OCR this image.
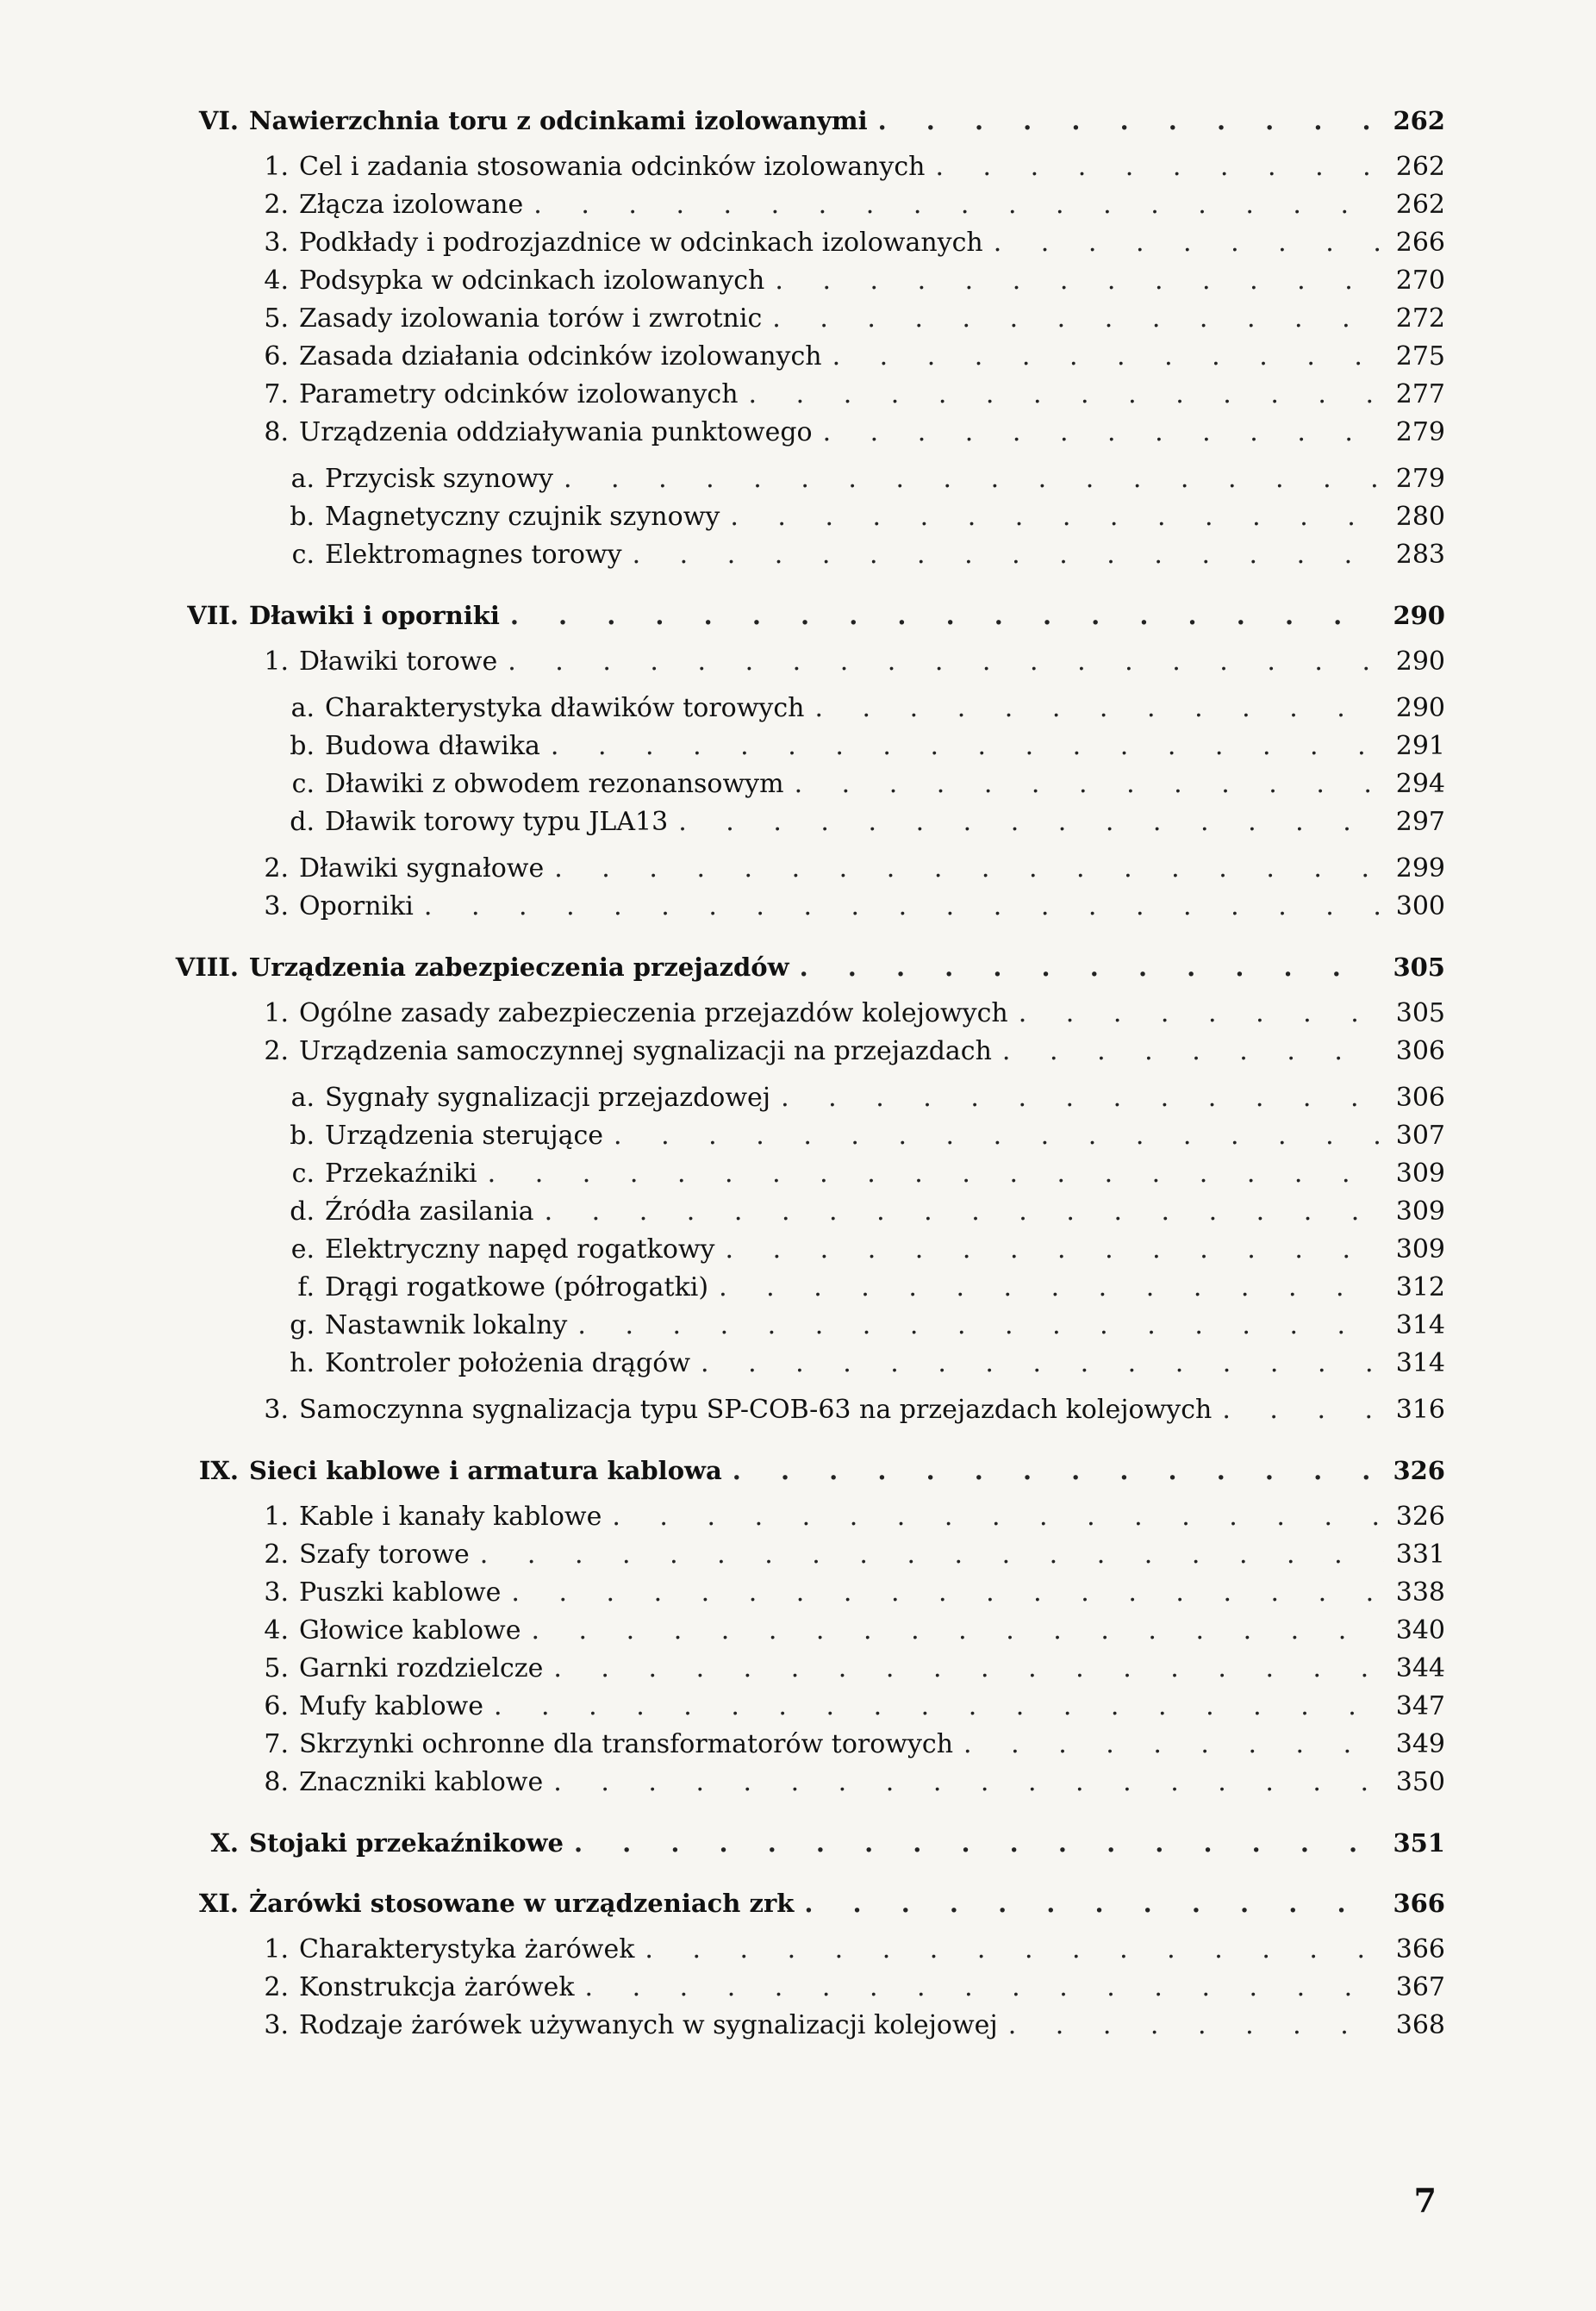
VI. Nawierzchnia toru z odcinkami izolowanymi . . .	262
1. Cel i zadania stosowania odcinków izolowanych . . .	262
2. Złącza izolowane . . .	262
3. Podkłady i podrozjazdnice w odcinkach izolowanych . . .	266
4. Podsypka w odcinkach izolowanych . . .	270
5. Zasady izolowania torów i zwrotnic . . .	272
6. Zasada działania odcinków izolowanych . . .	275
7. Parametry odcinków izolowanych . . .	277
8. Urządzenia oddziaływania punktowego . . .	279
a. Przycisk szynowy . . .	279
b. Magnetyczny czujnik szynowy . . .	280
c. Elektromagnes torowy . . .	283
VII. Dławiki i oporniki . . .	290
1. Dławiki torowe . . .	290
a. Charakterystyka dławików torowych . . .	290
b. Budowa dławika . . .	291
c. Dławiki z obwodem rezonansowym . . .	294
d. Dławik torowy typu JLA13 . . .	297
2. Dławiki sygnałowe . . .	299
3. Oporniki . . .	300
VIII. Urządzenia zabezpieczenia przejazdów . . .	305
1. Ogólne zasady zabezpieczenia przejazdów kolejowych . . .	305
2. Urządzenia samoczynnej sygnalizacji na przejazdach . . .	306
a. Sygnały sygnalizacji przejazdowej . . .	306
b. Urządzenia sterujące . . .	307
c. Przekaźniki . . .	309
d. Źródła zasilania . . .	309
e. Elektryczny napęd rogatkowy . . .	309
f. Drągi rogatkowe (półrogatki) . . .	312
g. Nastawnik lokalny . . .	314
h. Kontroler położenia drągów . . .	314
3. Samoczynna sygnalizacja typu SP-COB-63 na przejazdach kolejowych . . .	316
IX. Sieci kablowe i armatura kablowa . . .	326
1. Kable i kanały kablowe . . .	326
2. Szafy torowe . . .	331
3. Puszki kablowe . . .	338
4. Głowice kablowe . . .	340
5. Garnki rozdzielcze . . .	344
6. Mufy kablowe . . .	347
7. Skrzynki ochronne dla transformatorów torowych . . .	349
8. Znaczniki kablowe . . .	350
X. Stojaki przekaźnikowe . . .	351
XI. Żarówki stosowane w urządzeniach zrk . . .	366
1. Charakterystyka żarówek . . .	366
2. Konstrukcja żarówek . . .	367
3. Rodzaje żarówek używanych w sygnalizacji kolejowej . . .	368
7
